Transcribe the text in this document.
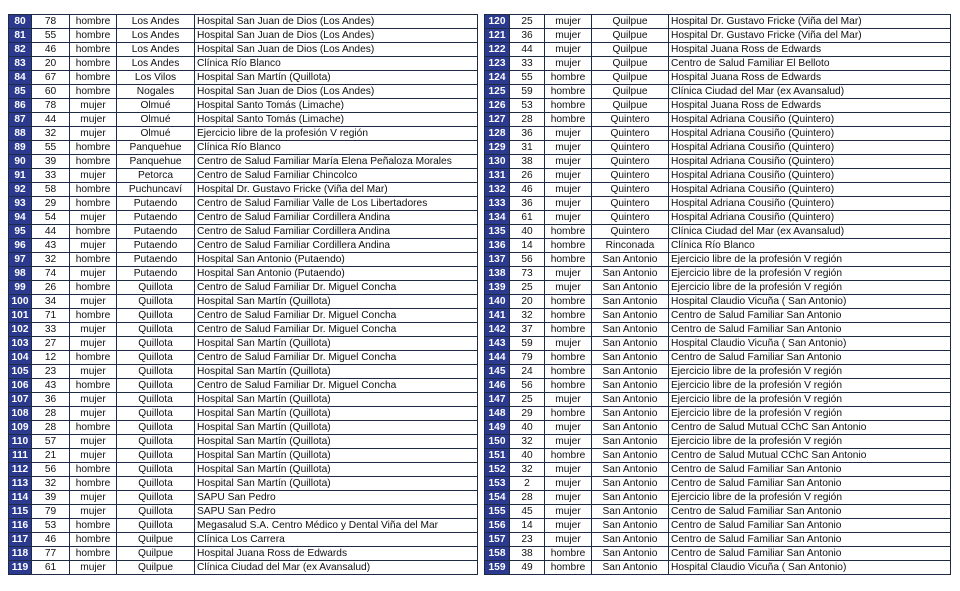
80	78	hombre	Los Andes	Hospital San Juan de Dios (Los Andes)
81	55	hombre	Los Andes	Hospital San Juan de Dios (Los Andes)
82	46	hombre	Los Andes	Hospital San Juan de Dios (Los Andes)
83	20	hombre	Los Andes	Clínica Río Blanco
84	67	hombre	Los Vilos	Hospital San Martín (Quillota)
85	60	hombre	Nogales	Hospital San Juan de Dios (Los Andes)
86	78	mujer	Olmué	Hospital Santo Tomás (Limache)
87	44	mujer	Olmué	Hospital Santo Tomás (Limache)
88	32	mujer	Olmué	Ejercicio libre de la profesión V región
89	55	hombre	Panquehue	Clínica Río Blanco
90	39	hombre	Panquehue	Centro de Salud Familiar María Elena Peñaloza Morales
91	33	mujer	Petorca	Centro de Salud Familiar Chincolco
92	58	hombre	Puchuncaví	Hospital Dr. Gustavo Fricke (Viña del Mar)
93	29	hombre	Putaendo	Centro de Salud Familiar Valle de Los Libertadores
94	54	mujer	Putaendo	Centro de Salud Familiar Cordillera Andina
95	44	hombre	Putaendo	Centro de Salud Familiar Cordillera Andina
96	43	mujer	Putaendo	Centro de Salud Familiar Cordillera Andina
97	32	hombre	Putaendo	Hospital San Antonio (Putaendo)
98	74	mujer	Putaendo	Hospital San Antonio (Putaendo)
99	26	hombre	Quillota	Centro de Salud Familiar Dr. Miguel Concha
100	34	mujer	Quillota	Hospital San Martín (Quillota)
101	71	hombre	Quillota	Centro de Salud Familiar Dr. Miguel Concha
102	33	mujer	Quillota	Centro de Salud Familiar Dr. Miguel Concha
103	27	mujer	Quillota	Hospital San Martín (Quillota)
104	12	hombre	Quillota	Centro de Salud Familiar Dr. Miguel Concha
105	23	mujer	Quillota	Hospital San Martín (Quillota)
106	43	hombre	Quillota	Centro de Salud Familiar Dr. Miguel Concha
107	36	mujer	Quillota	Hospital San Martín (Quillota)
108	28	mujer	Quillota	Hospital San Martín (Quillota)
109	28	hombre	Quillota	Hospital San Martín (Quillota)
110	57	mujer	Quillota	Hospital San Martín (Quillota)
111	21	mujer	Quillota	Hospital San Martín (Quillota)
112	56	hombre	Quillota	Hospital San Martín (Quillota)
113	32	hombre	Quillota	Hospital San Martín (Quillota)
114	39	mujer	Quillota	SAPU San Pedro
115	79	mujer	Quillota	SAPU San Pedro
116	53	hombre	Quillota	Megasalud S.A. Centro Médico y Dental Viña del Mar
117	46	hombre	Quilpue	Clínica Los Carrera
118	77	hombre	Quilpue	Hospital Juana Ross de Edwards
119	61	mujer	Quilpue	Clínica Ciudad del Mar (ex Avansalud)
120	25	mujer	Quilpue	Hospital Dr. Gustavo Fricke (Viña del Mar)
121	36	mujer	Quilpue	Hospital Dr. Gustavo Fricke (Viña del Mar)
122	44	mujer	Quilpue	Hospital Juana Ross de Edwards
123	33	mujer	Quilpue	Centro de Salud Familiar El Belloto
124	55	hombre	Quilpue	Hospital Juana Ross de Edwards
125	59	hombre	Quilpue	Clínica Ciudad del Mar (ex Avansalud)
126	53	hombre	Quilpue	Hospital Juana Ross de Edwards
127	28	hombre	Quintero	Hospital Adriana Cousiño (Quintero)
128	36	mujer	Quintero	Hospital Adriana Cousiño (Quintero)
129	31	mujer	Quintero	Hospital Adriana Cousiño (Quintero)
130	38	mujer	Quintero	Hospital Adriana Cousiño (Quintero)
131	26	mujer	Quintero	Hospital Adriana Cousiño (Quintero)
132	46	mujer	Quintero	Hospital Adriana Cousiño (Quintero)
133	36	mujer	Quintero	Hospital Adriana Cousiño (Quintero)
134	61	mujer	Quintero	Hospital Adriana Cousiño (Quintero)
135	40	hombre	Quintero	Clínica Ciudad del Mar (ex Avansalud)
136	14	hombre	Rinconada	Clínica Río Blanco
137	56	hombre	San Antonio	Ejercicio libre de la profesión V región
138	73	mujer	San Antonio	Ejercicio libre de la profesión V región
139	25	mujer	San Antonio	Ejercicio libre de la profesión V región
140	20	hombre	San Antonio	Hospital Claudio Vicuña ( San Antonio)
141	32	hombre	San Antonio	Centro de Salud Familiar San Antonio
142	37	hombre	San Antonio	Centro de Salud Familiar San Antonio
143	59	mujer	San Antonio	Hospital Claudio Vicuña ( San Antonio)
144	79	hombre	San Antonio	Centro de Salud Familiar San Antonio
145	24	hombre	San Antonio	Ejercicio libre de la profesión V región
146	56	hombre	San Antonio	Ejercicio libre de la profesión V región
147	25	mujer	San Antonio	Ejercicio libre de la profesión V región
148	29	hombre	San Antonio	Ejercicio libre de la profesión V región
149	40	mujer	San Antonio	Centro de Salud Mutual CChC San Antonio
150	32	mujer	San Antonio	Ejercicio libre de la profesión V región
151	40	hombre	San Antonio	Centro de Salud Mutual CChC San Antonio
152	32	mujer	San Antonio	Centro de Salud Familiar San Antonio
153	2	mujer	San Antonio	Centro de Salud Familiar San Antonio
154	28	mujer	San Antonio	Ejercicio libre de la profesión V región
155	45	mujer	San Antonio	Centro de Salud Familiar San Antonio
156	14	mujer	San Antonio	Centro de Salud Familiar San Antonio
157	23	mujer	San Antonio	Centro de Salud Familiar San Antonio
158	38	hombre	San Antonio	Centro de Salud Familiar San Antonio
159	49	hombre	San Antonio	Hospital Claudio Vicuña ( San Antonio)
